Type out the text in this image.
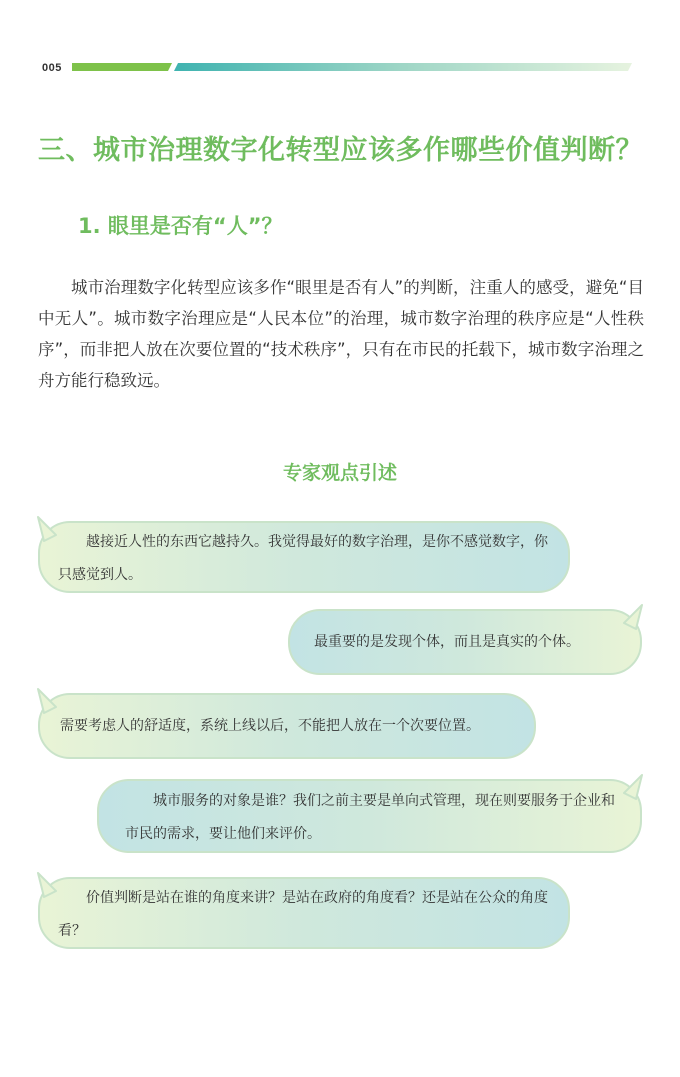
005
三、城市治理数字化转型应该多作哪些价值判断？
1. 眼里是否有“人”？
城市治理数字化转型应该多作“眼里是否有人”的判断，注重人的感受，避免“目中无人”。城市数字治理应是“人民本位”的治理，城市数字治理的秩序应是“人性秩序”，而非把人放在次要位置的“技术秩序”，只有在市民的托载下，城市数字治理之舟方能行稳致远。
专家观点引述
越接近人性的东西它越持久。我觉得最好的数字治理，是你不感觉数字，你只感觉到人。
最重要的是发现个体，而且是真实的个体。
需要考虑人的舒适度，系统上线以后，不能把人放在一个次要位置。
城市服务的对象是谁？我们之前主要是单向式管理，现在则要服务于企业和市民的需求，要让他们来评价。
价值判断是站在谁的角度来讲？是站在政府的角度看？还是站在公众的角度看？
